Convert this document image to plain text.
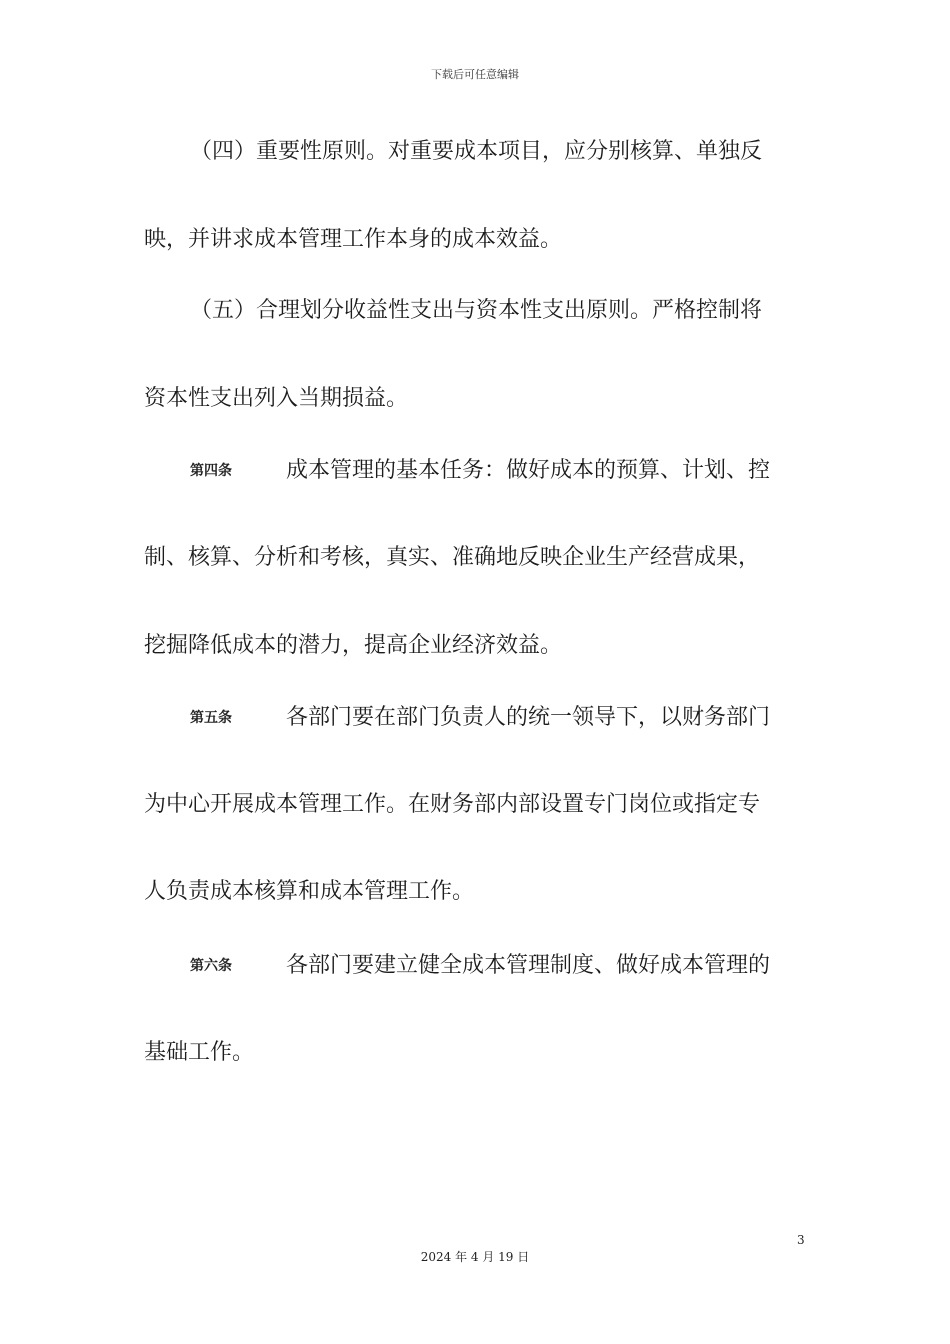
下载后可任意编辑
（四）重要性原则。对重要成本项目，应分别核算、单独反
映，并讲求成本管理工作本身的成本效益。
（五）合理划分收益性支出与资本性支出原则。严格控制将
资本性支出列入当期损益。
第四条 成本管理的基本任务：做好成本的预算、计划、控
制、核算、分析和考核，真实、准确地反映企业生产经营成果，
挖掘降低成本的潜力，提高企业经济效益。
第五条 各部门要在部门负责人的统一领导下，以财务部门
为中心开展成本管理工作。在财务部内部设置专门岗位或指定专
人负责成本核算和成本管理工作。
第六条 各部门要建立健全成本管理制度、做好成本管理的
基础工作。
3
2024 年 4 月 19 日
